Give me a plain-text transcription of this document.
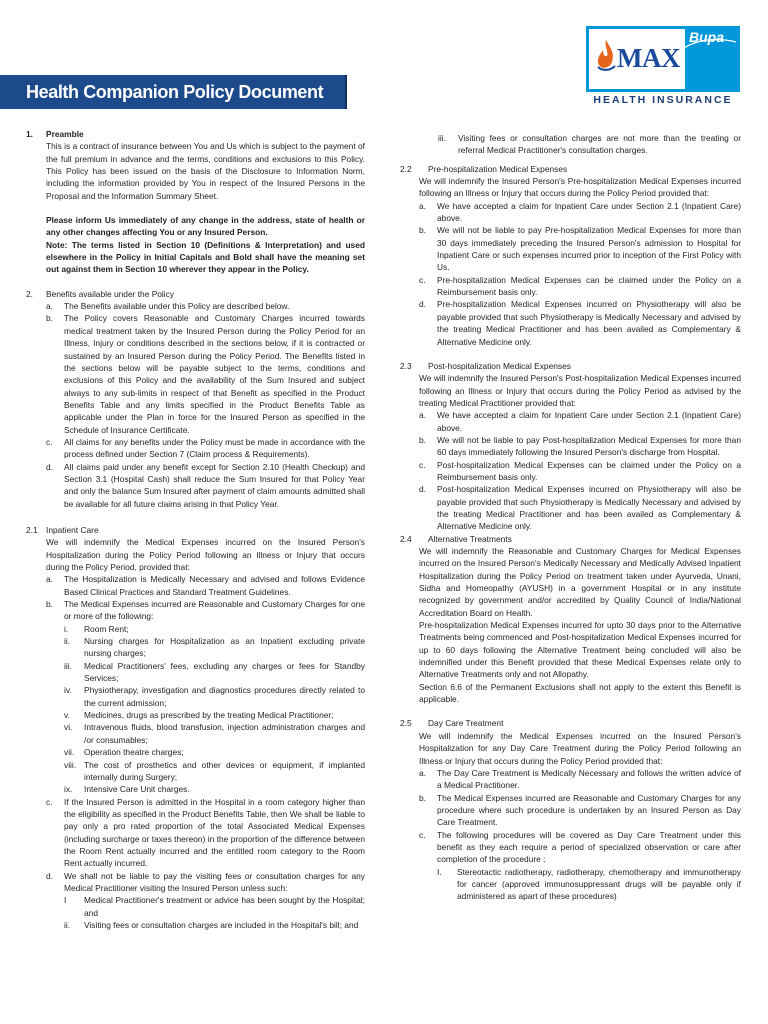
Health Companion Policy Document
MAX
Bupa
HEALTH INSURANCE
1.	Preamble

This is a contract of insurance between You and Us which is subject to the payment of the full premium in advance and the terms, conditions and exclusions to this Policy. This Policy has been issued on the basis of the Disclosure to Information Norm, including the information provided by You in respect of the Insured Persons in the Proposal and the Information Summary Sheet.

Please inform Us immediately of any change in the address, state of health or any other changes affecting You or any Insured Person.

Note: The terms listed in Section 10 (Definitions & Interpretation) and used elsewhere in the Policy in Initial Capitals and Bold shall have the meaning set out against them in Section 10 wherever they appear in the Policy.

2.	Benefits available under the Policy
a.	The Benefits available under this Policy are described below.
b.	The Policy covers Reasonable and Customary Charges incurred towards medical treatment taken by the Insured Person during the Policy Period for an Illness, Injury or conditions described in the sections below, if it is contracted or sustained by an Insured Person during the Policy Period. The Benefits listed in the sections below will be payable subject to the terms, conditions and exclusions of this Policy and the availability of the Sum Insured and subject always to any sub-limits in respect of that Benefit as specified in the Product Benefits Table and any limits specified in the Product Benefits Table as applicable under the Plan in force for the Insured Person as specified in the Schedule of Insurance Certificate.
c.	All claims for any benefits under the Policy must be made in accordance with the process defined under Section 7 (Claim process & Requirements).
d.	All claims paid under any benefit except for Section 2.10 (Health Checkup) and Section 3.1 (Hospital Cash) shall reduce the Sum Insured for that Policy Year and only the balance Sum Insured after payment of claim amounts admitted shall be available for all future claims arising in that Policy Year.
2.1 Inpatient Care

We will indemnify the Medical Expenses incurred on the Insured Person's Hospitalization during the Policy Period following an Illness or Injury that occurs during the Policy Period, provided that:

a.	The Hospitalization is Medically Necessary and advised and follows Evidence Based Clinical Practices and Standard Treatment Guidelines.
b.	The Medical Expenses incurred are Reasonable and Customary Charges for one or more of the following:
i.	Room Rent;
ii.	Nursing charges for Hospitalization as an Inpatient excluding private nursing charges;
iii.	Medical Practitioners' fees, excluding any charges or fees for Standby Services;
iv.	Physiotherapy, investigation and diagnostics procedures directly related to the current admission;
v.	Medicines, drugs as prescribed by the treating Medical Practitioner;
vi.	Intravenous fluids, blood transfusion, injection administration charges and /or consumables;
vii.	Operation theatre charges;
viii. The cost of prosthetics and other devices or equipment, if implanted internally during Surgery;
ix.	Intensive Care Unit charges.
c.	If the Insured Person is admitted in the Hospital in a room category higher than the eligibility as specified in the Product Benefits Table, then We shall be liable to pay only a pro rated proportion of the total Associated Medical Expenses (including surcharge or taxes thereon) in the proportion of the difference between the Room Rent actually incurred and the entitled room category to the Room Rent actually incurred.
d.	We shall not be liable to pay the visiting fees or consultation charges for any Medical Practitioner visiting the Insured Person unless such:
I	Medical Practitioner's treatment or advice has been sought by the Hospital; and
ii.	Visiting fees or consultation charges are included in the Hospital's bill; and
iii.	Visiting fees or consultation charges are not more than the treating or referral Medical Practitioner's consultation charges.
2.2	Pre-hospitalization Medical Expenses

We will indemnify the Insured Person's Pre-hospitalization Medical Expenses incurred following an Illness or Injury that occurs during the Policy Period provided that:

a.	We have accepted a claim for Inpatient Care under Section 2.1 (Inpatient Care) above.
b.	We will not be liable to pay Pre-hospitalization Medical Expenses for more than 30 days immediately preceding the Insured Person's admission to Hospital for Inpatient Care or such expenses incurred prior to inception of the First Policy with Us.
c.	Pre-hospitalization Medical Expenses can be claimed under the Policy on a Reimbursement basis only.
d.	Pre-hospitalization Medical Expenses incurred on Physiotherapy will also be payable provided that such Physiotherapy is Medically Necessary and advised by the treating Medical Practitioner and has been availed as Complementary & Alternative Medicine only.
2.3	Post-hospitalization Medical Expenses

We will indemnify the Insured Person's Post-hospitalization Medical Expenses incurred following an Illness or Injury that occurs during the Policy Period as advised by the treating Medical Practitioner provided that:

a.	We have accepted a claim for Inpatient Care under Section 2.1 (Inpatient Care) above.
b.	We will not be liable to pay Post-hospitalization Medical Expenses for more than 60 days immediately following the Insured Person's discharge from Hospital.
c.	Post-hospitalization Medical Expenses can be claimed under the Policy on a Reimbursement basis only.
d.	Post-hospitalization Medical Expenses incurred on Physiotherapy will also be payable provided that such Physiotherapy is Medically Necessary and advised by the treating Medical Practitioner and has been availed as Complementary & Alternative Medicine only.
2.4	Alternative Treatments

We will indemnify the Reasonable and Customary Charges for Medical Expenses incurred on the Insured Person's Medically Necessary and Medically Advised Inpatient Hospitalization during the Policy Period on treatment taken under Ayurveda, Unani, Sidha and Homeopathy (AYUSH) in a government Hospital or in any institute recognized by government and/or accredited by Quality Council of India/National Accreditation Board on Health.

Pre-hospitalization Medical Expenses incurred for upto 30 days prior to the Alternative Treatments being commenced and Post-hospitalization Medical Expenses incurred for up to 60 days following the Alternative Treatment being concluded will also be indemnified under this Benefit provided that these Medical Expenses relate only to Alternative Treatments only and not Allopathy.

Section 6.6 of the Permanent Exclusions shall not apply to the extent this Benefit is applicable.

2.5	Day Care Treatment

We will indemnify the Medical Expenses incurred on the Insured Person's Hospitalization for any Day Care Treatment during the Policy Period following an Illness or Injury that occurs during the Policy Period provided that:

a.	The Day Care Treatment is Medically Necessary and follows the written advice of a Medical Practitioner.
b.	The Medical Expenses incurred are Reasonable and Customary Charges for any procedure where such procedure is undertaken by an Insured Person as Day Care Treatment.
c.	The following procedures will be covered as Day Care Treatment under this benefit as they each require a period of specialized observation or care after completion of the procedure :
I.	Stereotactic radiotherapy, radiotherapy, chemotherapy and immunotherapy for cancer (approved immunosuppressant drugs will be payable only if administered as apart of these procedures)
